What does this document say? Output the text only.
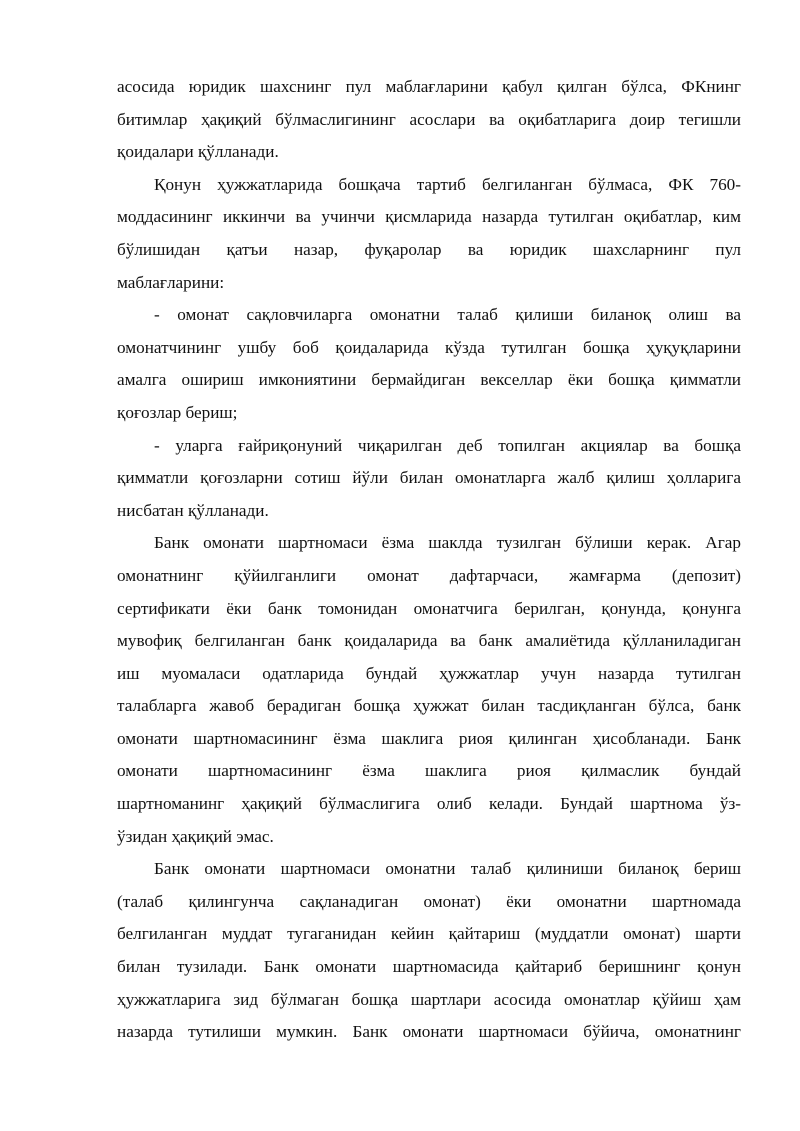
асосида юридик шахснинг пул маблағларини қабул қилган бўлса, ФКнинг
битимлар ҳақиқий бўлмаслигининг асослари ва оқибатларига доир тегишли
қоидалари қўлланади.
Қонун ҳужжатларида бошқача тартиб белгиланган бўлмаса, ФК 760-
моддасининг иккинчи ва учинчи қисмларида назарда тутилган оқибатлар, ким
бўлишидан қатъи назар, фуқаролар ва юридик шахсларнинг пул
маблағларини:
- омонат сақловчиларга омонатни талаб қилиши биланоқ олиш ва
омонатчининг ушбу боб қоидаларида кўзда тутилган бошқа ҳуқуқларини
амалга ошириш имкониятини бермайдиган векселлар ёки бошқа қимматли
қоғозлар бериш;
- уларга ғайриқонуний чиқарилган деб топилган акциялар ва бошқа
қимматли қоғозларни сотиш йўли билан омонатларга жалб қилиш ҳолларига
нисбатан қўлланади.
Банк омонати шартномаси ёзма шаклда тузилган бўлиши керак. Агар
омонатнинг қўйилганлиги омонат дафтарчаси, жамғарма (депозит)
сертификати ёки банк томонидан омонатчига берилган, қонунда, қонунга
мувофиқ белгиланган банк қоидаларида ва банк амалиётида қўлланиладиган
иш муомаласи одатларида бундай ҳужжатлар учун назарда тутилган
талабларга жавоб берадиган бошқа ҳужжат билан тасдиқланган бўлса, банк
омонати шартномасининг ёзма шаклига риоя қилинган ҳисобланади. Банк
омонати шартномасининг ёзма шаклига риоя қилмаслик бундай
шартноманинг ҳақиқий бўлмаслигига олиб келади. Бундай шартнома ўз-
ўзидан ҳақиқий эмас.
Банк омонати шартномаси омонатни талаб қилиниши биланоқ бериш
(талаб қилингунча сақланадиган омонат) ёки омонатни шартномада
белгиланган муддат тугаганидан кейин қайтариш (муддатли омонат) шарти
билан тузилади. Банк омонати шартномасида қайтариб беришнинг қонун
ҳужжатларига зид бўлмаган бошқа шартлари асосида омонатлар қўйиш ҳам
назарда тутилиши мумкин. Банк омонати шартномаси бўйича, омонатнинг
